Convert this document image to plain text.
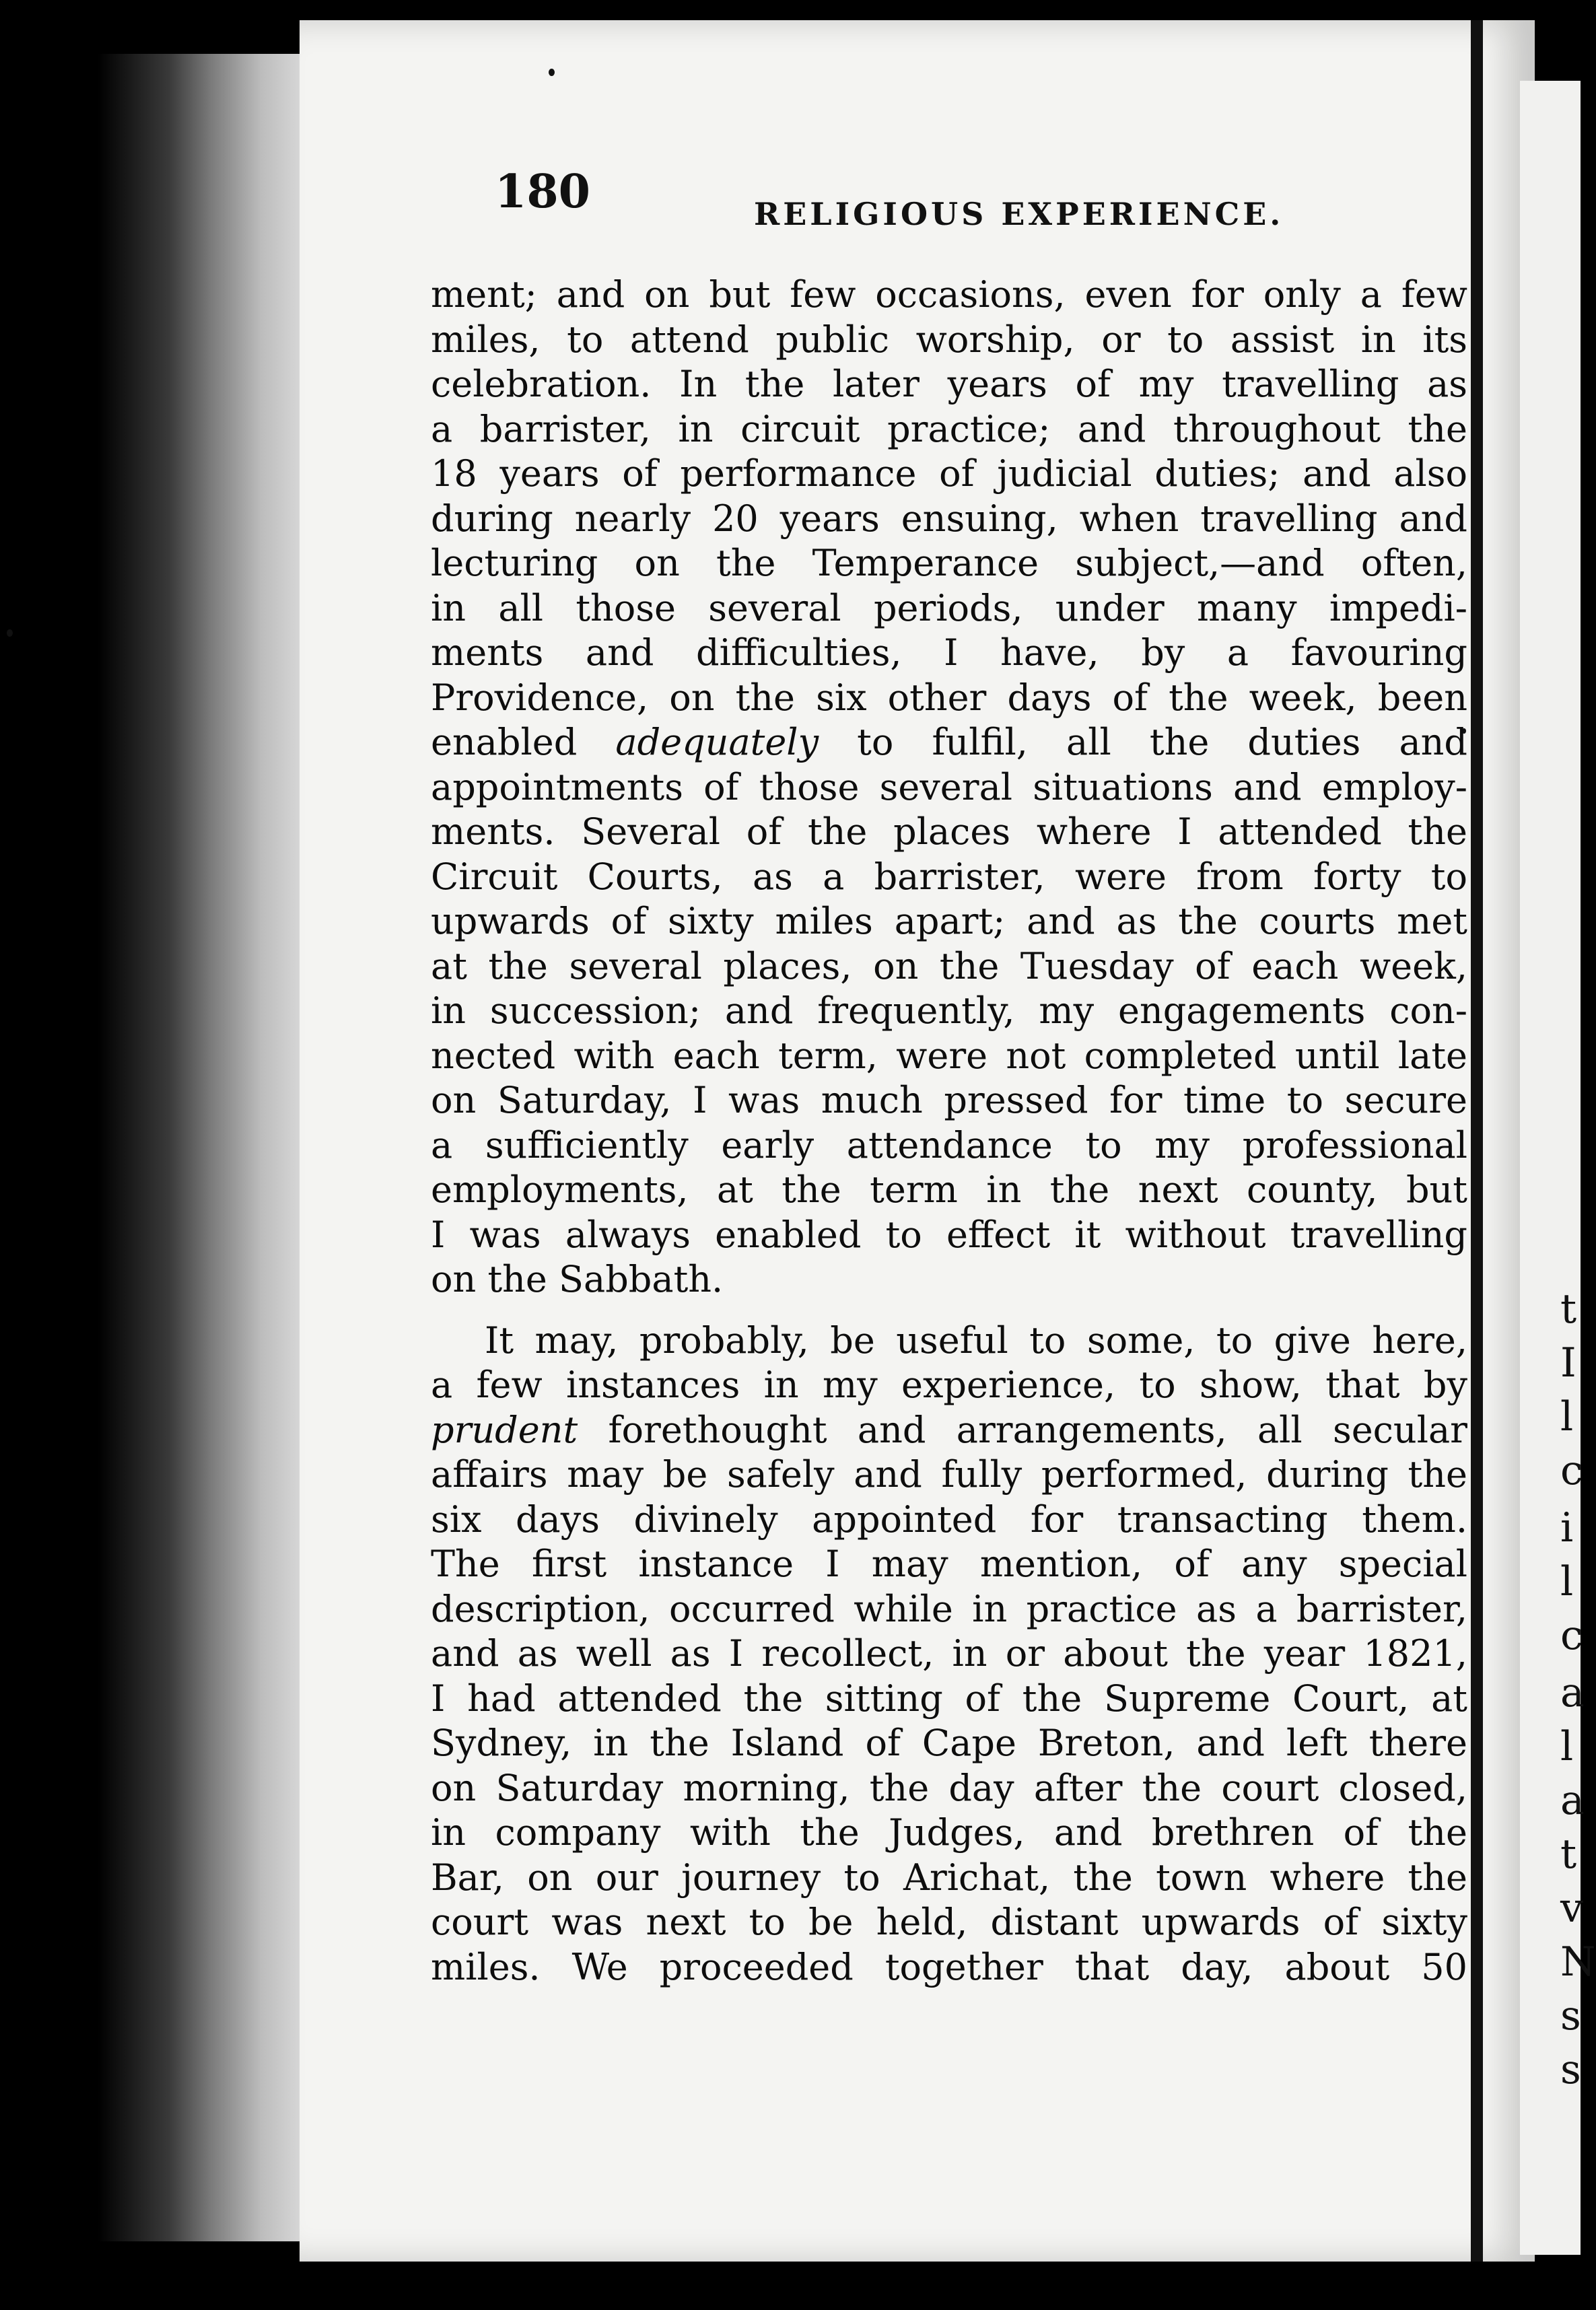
t
I
l
c
i
l
c
a
l
a
t
v
N
s
s
180	RELIGIOUS EXPERIENCE.
ment; and on but few occasions, even for only a few
miles, to attend public worship, or to assist in its
celebration. In the later years of my travelling as
a barrister, in circuit practice; and throughout the
18 years of performance of judicial duties; and also
during nearly 20 years ensuing, when travelling and
lecturing on the Temperance subject,—and often,
in all those several periods, under many impedi-
ments and difficulties, I have, by a favouring
Providence, on the six other days of the week, been
enabled adequately to fulfil, all the duties and
appointments of those several situations and employ-
ments. Several of the places where I attended the
Circuit Courts, as a barrister, were from forty to
upwards of sixty miles apart; and as the courts met
at the several places, on the Tuesday of each week,
in succession; and frequently, my engagements con-
nected with each term, were not completed until late
on Saturday, I was much pressed for time to secure
a sufficiently early attendance to my professional
employments, at the term in the next county, but
I was always enabled to effect it without travelling
on the Sabbath.
It may, probably, be useful to some, to give here,
a few instances in my experience, to show, that by
prudent forethought and arrangements, all secular
affairs may be safely and fully performed, during the
six days divinely appointed for transacting them.
The first instance I may mention, of any special
description, occurred while in practice as a barrister,
and as well as I recollect, in or about the year 1821,
I had attended the sitting of the Supreme Court, at
Sydney, in the Island of Cape Breton, and left there
on Saturday morning, the day after the court closed,
in company with the Judges, and brethren of the
Bar, on our journey to Arichat, the town where the
court was next to be held, distant upwards of sixty
miles. We proceeded together that day, about 50
